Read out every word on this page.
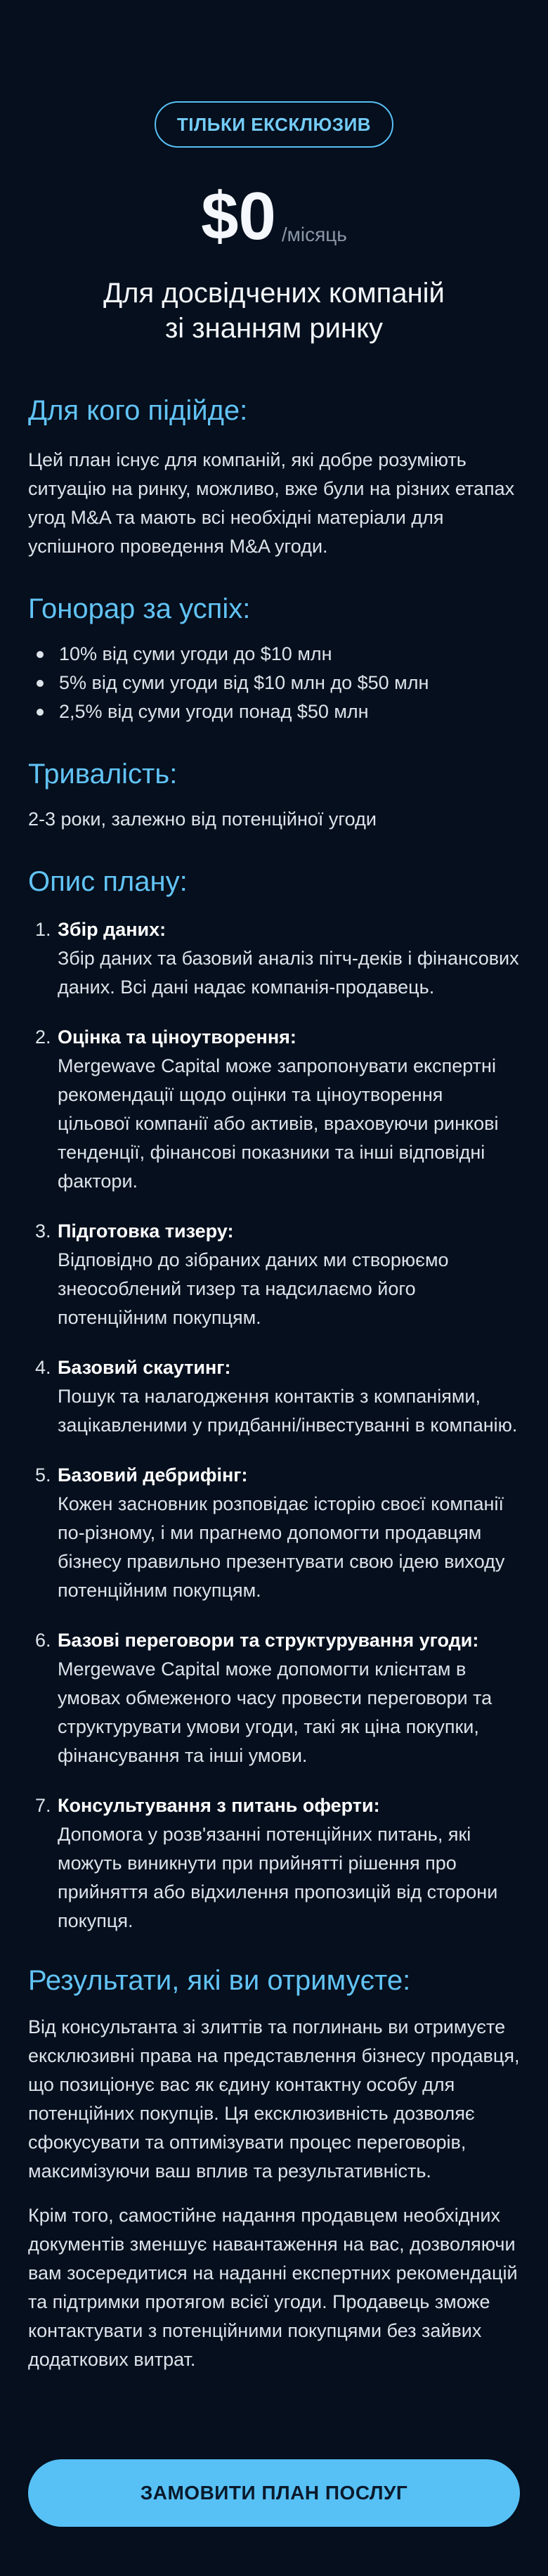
ТІЛЬКИ ЕКСКЛЮЗИВ
$0 /місяць
Для досвідчених компаній
зі знанням ринку
Для кого підійде:

Цей план існує для компаній, які добре розуміють ситуацію на ринку, можливо, вже були на різних етапах угод M&A та мають всі необхідні матеріали для успішного проведення M&A угоди.

Гонорар за успіх:
10% від суми угоди до $10 млн
5% від суми угоди від $10 млн до $50 млн
2,5% від суми угоди понад $50 млн
Тривалість:

2-3 роки, залежно від потенційної угоди

Опис плану:
1. Збір даних:
Збір даних та базовий аналіз пітч-деків і фінансових даних. Всі дані надає компанія-продавець.
2. Оцінка та ціноутворення:
Mergewave Capital може запропонувати експертні рекомендації щодо оцінки та ціноутворення цільової компанії або активів, враховуючи ринкові тенденції, фінансові показники та інші відповідні фактори.
3. Підготовка тизеру:
Відповідно до зібраних даних ми створюємо знеособлений тизер та надсилаємо його потенційним покупцям.
4. Базовий скаутинг:
Пошук та налагодження контактів з компаніями, зацікавленими у придбанні/інвестуванні в компанію.
5. Базовий дебрифінг:
Кожен засновник розповідає історію своєї компанії по-різному, і ми прагнемо допомогти продавцям бізнесу правильно презентувати свою ідею виходу потенційним покупцям.
6. Базові переговори та структурування угоди:
Mergewave Capital може допомогти клієнтам в умовах обмеженого часу провести переговори та структурувати умови угоди, такі як ціна покупки, фінансування та інші умови.
7. Консультування з питань оферти:
Допомога у розв'язанні потенційних питань, які можуть виникнути при прийнятті рішення про прийняття або відхилення пропозицій від сторони покупця.
Результати, які ви отримуєте:

Від консультанта зі злиттів та поглинань ви отримуєте ексклюзивні права на представлення бізнесу продавця, що позиціонує вас як єдину контактну особу для потенційних покупців. Ця ексклюзивність дозволяє сфокусувати та оптимізувати процес переговорів, максимізуючи ваш вплив та результативність.

Крім того, самостійне надання продавцем необхідних документів зменшує навантаження на вас, дозволяючи вам зосередитися на наданні експертних рекомендацій та підтримки протягом всієї угоди. Продавець зможе контактувати з потенційними покупцями без зайвих додаткових витрат.

ЗАМОВИТИ ПЛАН ПОСЛУГ
